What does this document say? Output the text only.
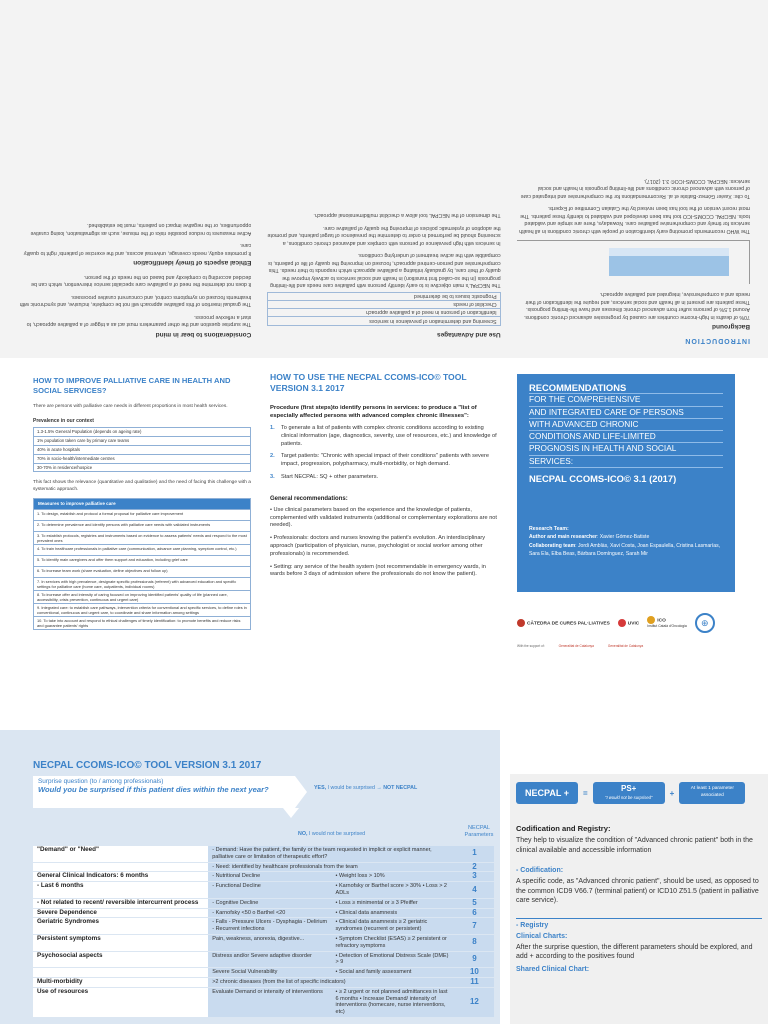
INTRODUCTION
Background

70% of deaths in high-income countries are caused by progressive advanced chronic conditions. Around 1.5% of persons suffer from advanced chronic illnesses and have life-limiting prognosis. These patients are present in all health and social services, and require the identification of their needs and a comprehensive, integrated and palliative approach.

The WHO recommends promoting early identification of people with chronic conditions in all health services for timely and comprehensive palliative care. Nowadays, there are simple and validated tools. NECPAL CCOMS-ICO tool has been developed and validated to identify these patients. The most recent version of the tool has been revised by the Catalan Committee of Experts.

To cite: Xavier Gómez-Batiste et al. Recommendations for the comprehensive and integrated care of persons with advanced chronic conditions and life-limiting prognosis in health and social services: NECPAL CCOMS-ICO© 3.1 (2017).

Use and Advantages
Screening and determination of prevalence in services
Identification of persons in need of a palliative approach
Checklist of needs
Prognostic issues to be determined

The NECPAL's main objective is to early identify persons with palliative care needs and life-limiting prognosis (in the so-called first transition) in health and social services to actively improve the quality of their care, by gradually initiating a palliative approach which responds to their needs. This comprehensive and person-centred approach, focused on improving the quality of life of patients, is compatible with the active treatment of underlying conditions.

In services with high prevalence of persons with complex and advanced chronic conditions, a screening should be performed in order to determine the prevalence of target patients, and promote the adoption of systematic policies of improving the quality of palliative care.

The dimension of the NECPAL tool allow a checklist multidimensional approach.

Considerations to bear in mind

The surprise question and the other parameters must act as a trigger of a palliative approach, to start a reflexive process.

The gradual insertion of this palliative approach will not be complete, inclusive, and synchronic with treatments focused on symptoms control, and concurrent curative processes.

It does not determine the need of a palliative care specialist service intervention, which can be decided according to complexity and based on the needs of the person.

Ethical aspects of timely identification

It promotes equity, needs coverage, universal access, and the exercise of patients' right to quality care.

Active measures to reduce possible risks of the misuse, such as stigmatisation, losing curative opportunities, or the negative impact on patients, must be established.

HOW TO IMPROVE PALLIATIVE CARE IN HEALTH AND SOCIAL SERVICES?
There are persons with palliative care needs in different proportions in most health services.
Prevalence in our context
1.3-1.5% General Population (depends on ageing rate)
1% population taken care by primary care teams
40% in acute hospitals
70% in socio-health/intermediate centres
30-70% in residence/hospice
This fact shows the relevance (quantitative and qualitative) and the need of facing this challenge with a systematic approach.
Measures to improve palliative care
1. To design, establish and protocol a formal proposal for palliative care improvement
2. To determine prevalence and identify persons with palliative care needs with validated instruments
3. To establish protocols, registries and instruments based on evidence to assess patients' needs and respond to the most prevalent ones
4. To train healthcare professionals in palliative care (communication, advance care planning, symptom control, etc.)
5. To identify main caregivers and offer them support and education, including grief care
6. To increase team work (share evaluation, define objectives and follow up)
7. In services with high prevalence, designate specific professionals (referent) with advanced education and specific settings for palliative care (home care, outpatients, individual rooms)
8. To increase offer and intensity of caring focused on improving identified patients' quality of life (planned care, accessibility, crisis prevention, continuous and urgent care)
9. Integrated care: to establish care pathways, intervention criteria for conventional and specific services, to define roles in conventional, continuous and urgent care, to coordinate and share information among settings
10. To take into account and respond to ethical challenges of timely identification: to promote benefits and reduce risks and guarantee patients' rights
HOW TO USE THE NECPAL CCOMS-ICO© TOOL VERSION 3.1 2017
Procedure (first steps)to identify persons in services: to produce a "list of especially affected persons with advanced complex chronic illnesses":
1.	To generate a list of patients with complex chronic conditions according to existing clinical information (age, diagnostics, severity, use of resources, etc.) and knowledge of patients.
2.	Target patients: "Chronic with special impact of their conditions" patients with severe impact, progression, polypharmacy, multi-morbidity, or high demand.
3.	Start NECPAL: SQ + other parameters.
General recommendations:

• Use clinical parameters based on the experience and the knowledge of patients, complemented with validated instruments (additional or complementary explorations are not needed).

• Professionals: doctors and nurses knowing the patient's evolution. An interdisciplinary approach (participation of physician, nurse, psychologist or social worker among other professionals) is recommended.

• Setting: any service of the health system (not recommendable in emergency wards, in wards before 3 days of admission where the professionals do not know the patient).

RECOMMENDATIONS
FOR THE COMPREHENSIVE
AND INTEGRATED CARE OF PERSONS
WITH ADVANCED CHRONIC
CONDITIONS AND LIFE-LIMITED
PROGNOSIS IN HEALTH AND SOCIAL
SERVICES:
NECPAL CCOMS-ICO© 3.1 (2017)
Research Team:
Author and main researcher: Xavier Gómez-Batiste
Collaborating team: Jordi Amblàs, Xavi Costa, Joan Espaulella, Cristina Lasmarías, Sara Ela, Elba Beas, Bàrbara Domínguez, Sarah Mir
CÀTEDRA DE CURES PAL·LIATIVES	UVIC
ICO
Institut Català d'Oncologia	⊕
With the support of:	Generalitat de Catalunya	Generalitat de Catalunya
NECPAL CCOMS-ICO© TOOL VERSION 3.1 2017
Surprise question (to / among professionals)
Would you be surprised if this patient dies within the next year?	YES, I would be surprised → NOT NECPAL
NO, I would not be surprised
NECPAL Parameters
"Demand" or "Need"	- Demand: Have the patient, the family or the team requested in implicit or explicit manner, palliative care or limitation of therapeutic effort?		1
	- Need: identified by healthcare professionals from the team		2
General Clinical Indicators: 6 months	- Nutritional Decline	• Weight loss > 10%	3
- Last 6 months	- Functional Decline	• Karnofsky or Barthel score > 30% • Loss > 2 ADLs	4
- Not related to recent/ reversible intercurrent process	- Cognitive Decline	• Loss ≥ minimental or ≥ 3 Pfeiffer	5
Severe Dependence	- Karnofsky <50 o Barthel <20	• Clinical data anamnesis	6
Geriatric Syndromes	- Falls - Pressure Ulcers - Dysphagia - Delirium - Recurrent infections	• Clinical data anamnesis ≥ 2 geriatric syndromes (recurrent or persistent)	7
Persistent symptoms	Pain, weakness, anorexia, digestive...	• Symptom Checklist (ESAS) ≥ 2 persistent or refractory symptoms	8
Psychosocial aspects	Distress and/or Severe adaptive disorder	• Detection of Emotional Distress Scale (DME) > 9	9
	Severe Social Vulnerability	• Social and family assessment	10
Multi-morbidity	>2 chronic diseases (from the list of specific indicators)		11
Use of resources	Evaluate Demand or intensity of interventions	• ≥ 2 urgent or not planned admittances in last 6 months • Increase Demand/ intensity of interventions (homecare, nurse interventions, etc)	12
NECPAL +	=	PS+
"I would not be surprised"	+	At least 1 parameter associated
Codification and Registry:
They help to visualize the condition of "Advanced chronic patient" both in the clinical available and accessible information
- Codification:
A specific code, as "Advanced chronic patient", should be used, as opposed to the common ICD9 V66.7 (terminal patient) or ICD10 Z51.5 (patient in palliative care service).
- Registry
Clinical Charts:
After the surprise question, the different parameters should be explored, and add + according to the positives found
Shared Clinical Chart:
